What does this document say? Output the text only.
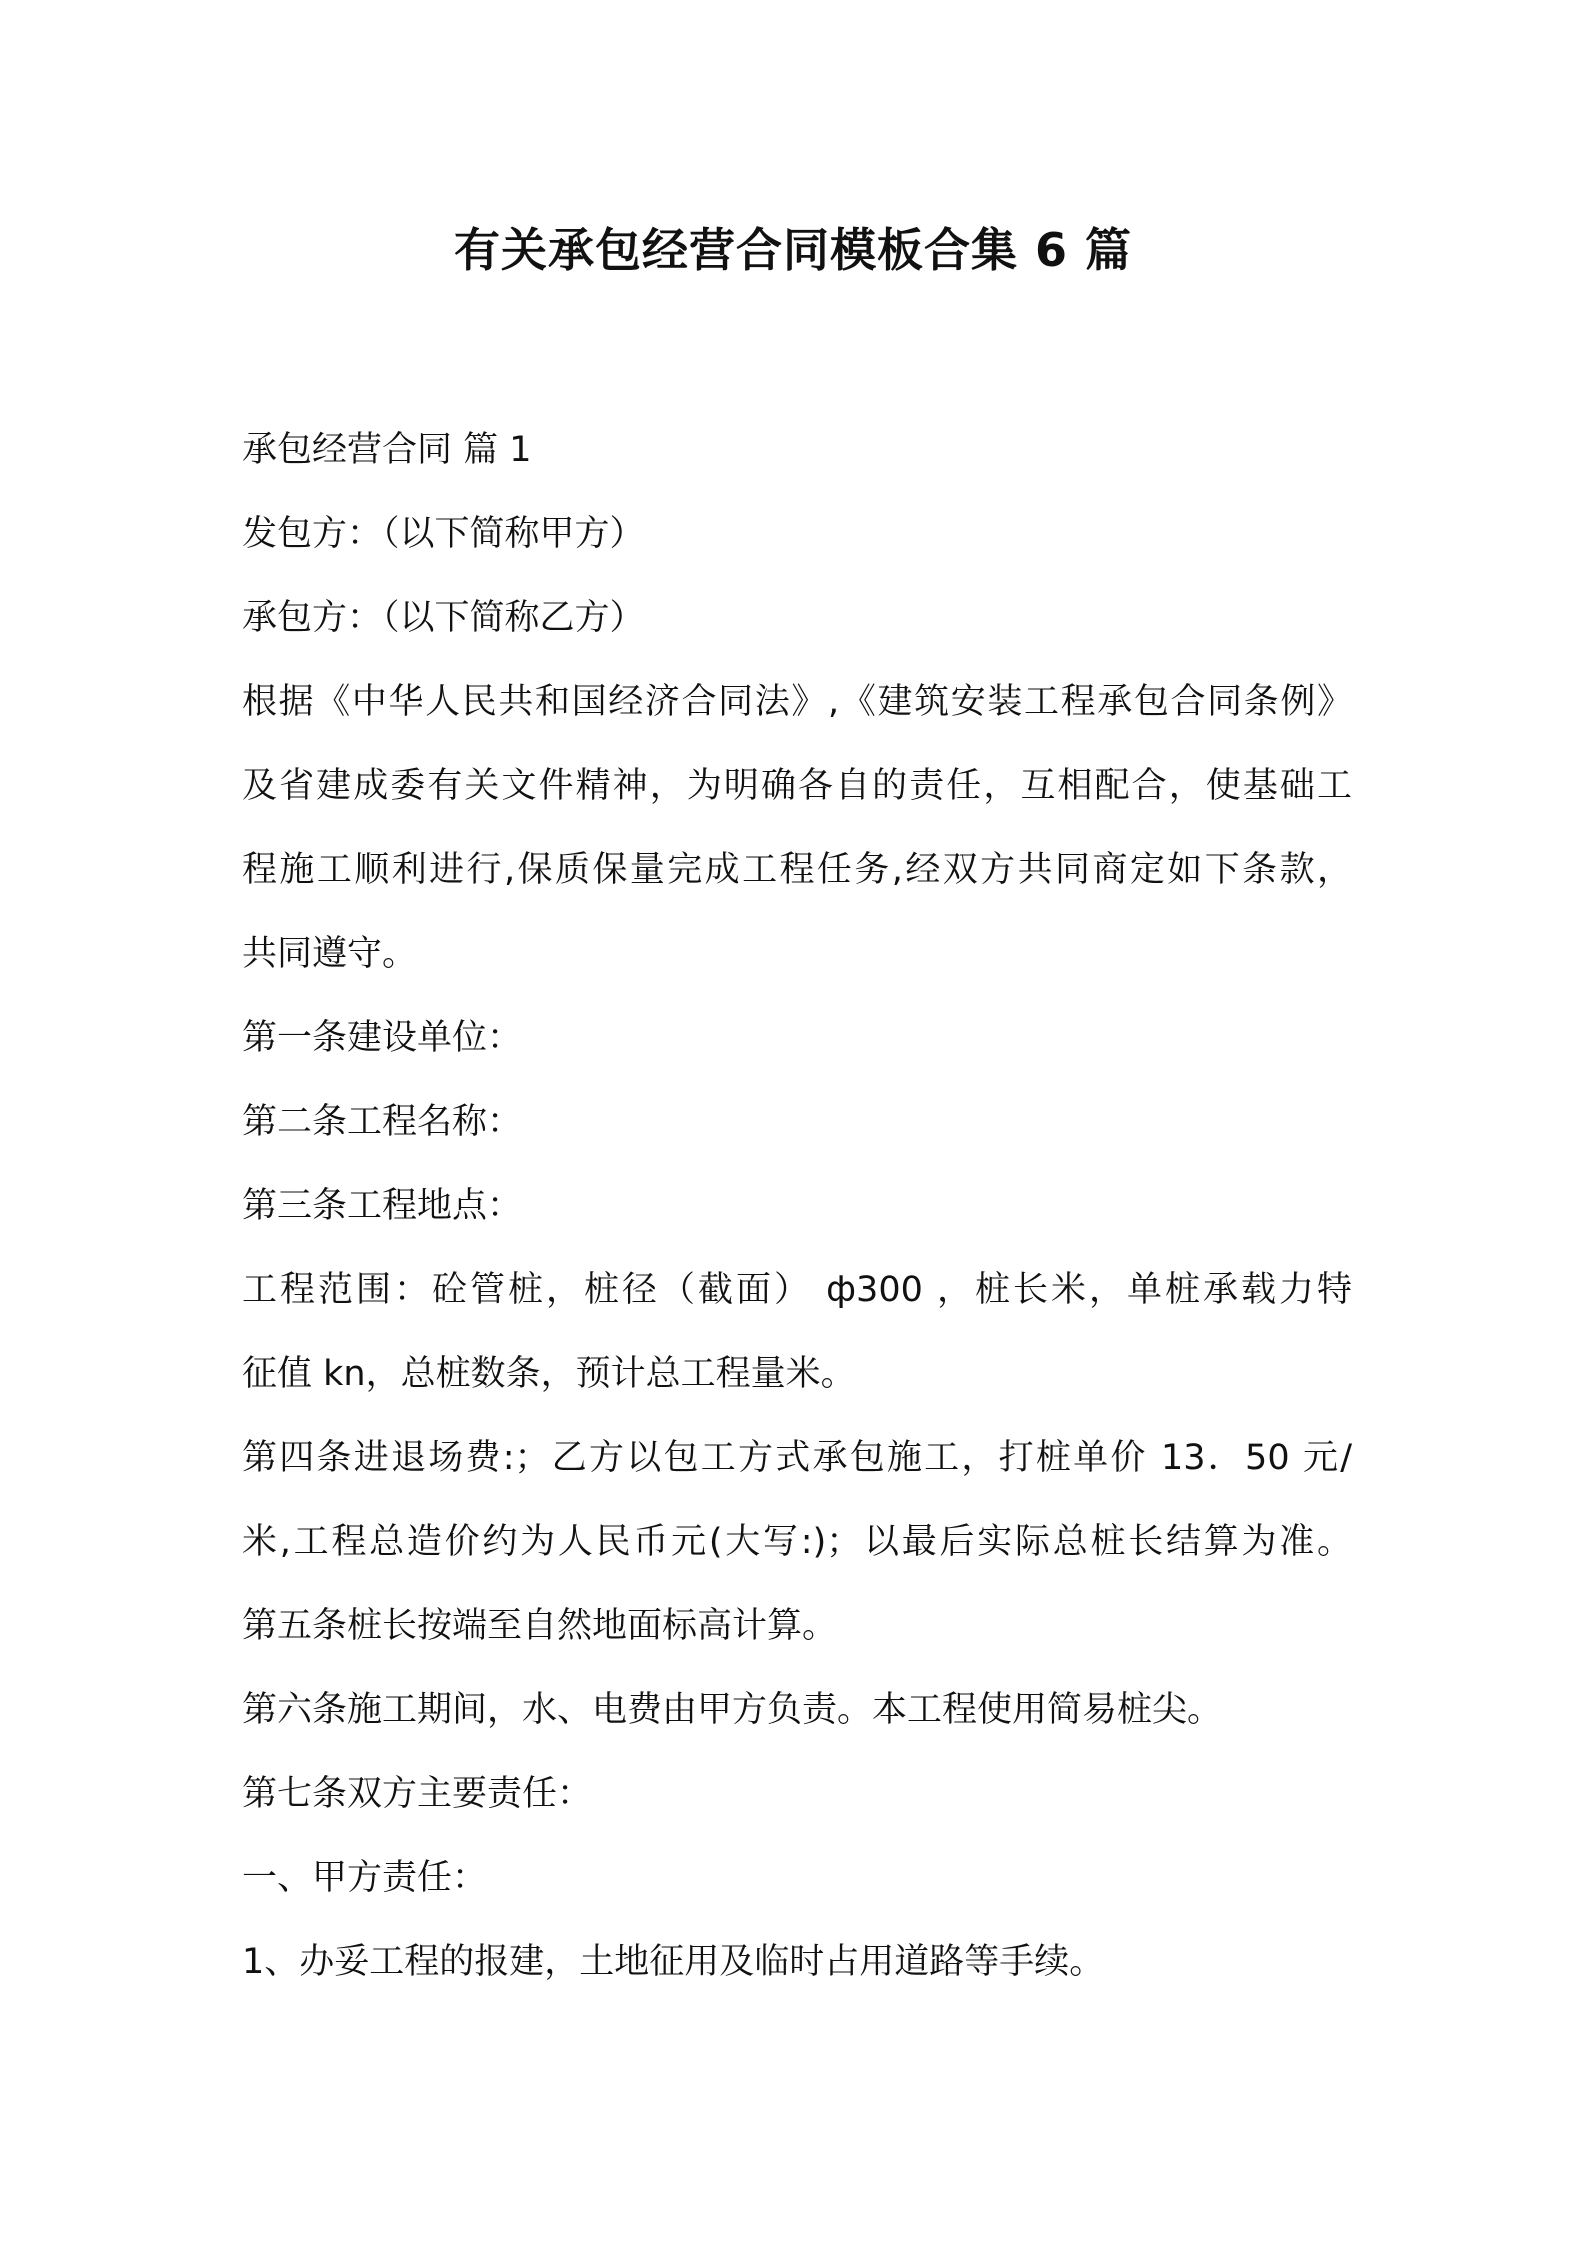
有关承包经营合同模板合集 6 篇
承包经营合同 篇 1
发包方：（以下简称甲方）
承包方：（以下简称乙方）
根据《中华人民共和国经济合同法》,《建筑安装工程承包合同条例》
及省建成委有关文件精神，为明确各自的责任，互相配合，使基础工
程施工顺利进行,保质保量完成工程任务,经双方共同商定如下条款，
共同遵守。
第一条建设单位：
第二条工程名称：
第三条工程地点：
工程范围：砼管桩，桩径（截面） ф300 ，桩长米，单桩承载力特
征值 kn，总桩数条，预计总工程量米。
第四条进退场费:；乙方以包工方式承包施工，打桩单价 13．50 元/
米,工程总造价约为人民币元(大写:)；以最后实际总桩长结算为准。
第五条桩长按端至自然地面标高计算。
第六条施工期间，水、电费由甲方负责。本工程使用简易桩尖。
第七条双方主要责任：
一、甲方责任：
1、办妥工程的报建，土地征用及临时占用道路等手续。
